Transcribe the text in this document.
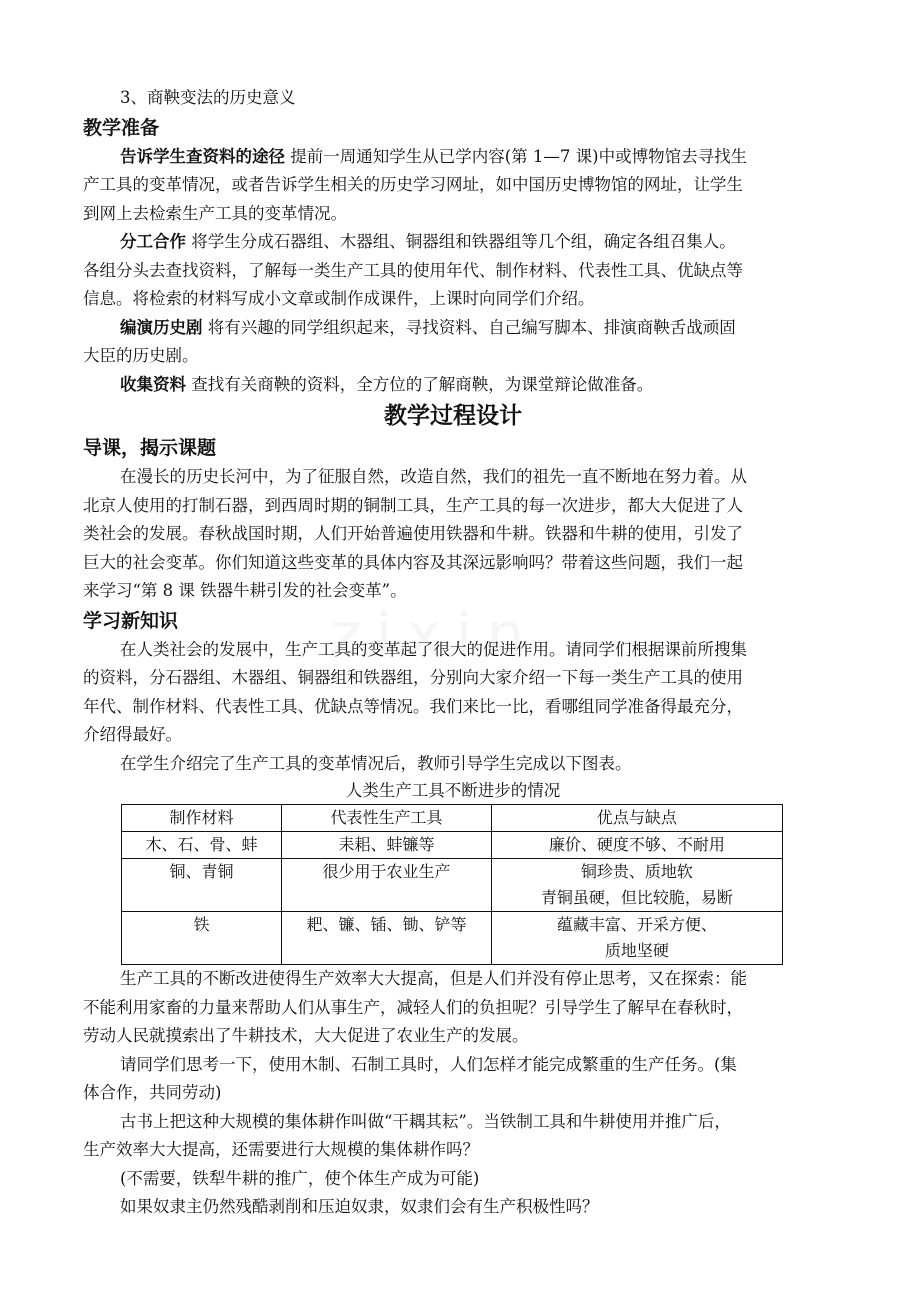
3、商鞅变法的历史意义
教学准备
告诉学生查资料的途径 提前一周通知学生从已学内容(第 1—7 课)中或博物馆去寻找生
产工具的变革情况，或者告诉学生相关的历史学习网址，如中国历史博物馆的网址，让学生
到网上去检索生产工具的变革情况。
分工合作 将学生分成石器组、木器组、铜器组和铁器组等几个组，确定各组召集人。
各组分头去查找资料，了解每一类生产工具的使用年代、制作材料、代表性工具、优缺点等
信息。将检索的材料写成小文章或制作成课件，上课时向同学们介绍。
编演历史剧 将有兴趣的同学组织起来，寻找资料、自己编写脚本、排演商鞅舌战顽固
大臣的历史剧。
收集资料 查找有关商鞅的资料，全方位的了解商鞅，为课堂辩论做准备。
教学过程设计
导课，揭示课题
在漫长的历史长河中，为了征服自然，改造自然，我们的祖先一直不断地在努力着。从
北京人使用的打制石器，到西周时期的铜制工具，生产工具的每一次进步，都大大促进了人
类社会的发展。春秋战国时期，人们开始普遍使用铁器和牛耕。铁器和牛耕的使用，引发了
巨大的社会变革。你们知道这些变革的具体内容及其深远影响吗？带着这些问题，我们一起
来学习“第 8 课 铁器牛耕引发的社会变革”。
学习新知识
在人类社会的发展中，生产工具的变革起了很大的促进作用。请同学们根据课前所搜集
的资料，分石器组、木器组、铜器组和铁器组，分别向大家介绍一下每一类生产工具的使用
年代、制作材料、代表性工具、优缺点等情况。我们来比一比，看哪组同学准备得最充分，
介绍得最好。
在学生介绍完了生产工具的变革情况后，教师引导学生完成以下图表。
人类生产工具不断进步的情况
制作材料	代表性生产工具	优点与缺点
木、石、骨、蚌	耒耜、蚌镰等	廉价、硬度不够、不耐用
铜、青铜	很少用于农业生产	铜珍贵、质地软
青铜虽硬，但比较脆，易断

铁	耙、镰、锸、锄、铲等	蕴藏丰富、开采方便、
质地坚硬
生产工具的不断改进使得生产效率大大提高，但是人们并没有停止思考，又在探索：能
不能利用家畜的力量来帮助人们从事生产，减轻人们的负担呢？引导学生了解早在春秋时，
劳动人民就摸索出了牛耕技术，大大促进了农业生产的发展。
请同学们思考一下，使用木制、石制工具时，人们怎样才能完成繁重的生产任务。(集
体合作，共同劳动)
古书上把这种大规模的集体耕作叫做“干耦其耘”。当铁制工具和牛耕使用并推广后，
生产效率大大提高，还需要进行大规模的集体耕作吗？
(不需要，铁犁牛耕的推广，使个体生产成为可能)
如果奴隶主仍然残酷剥削和压迫奴隶，奴隶们会有生产积极性吗？
